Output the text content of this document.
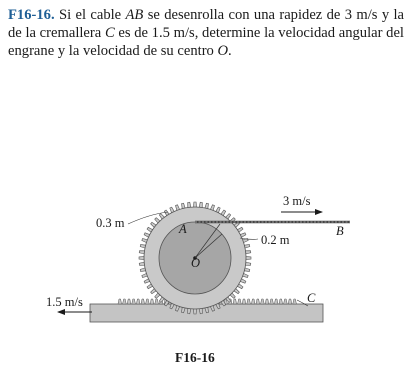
F16-16. Si el cable AB se desenrolla con una rapidez de 3 m/s y la de la cremallera C es de 1.5 m/s, determine la velocidad angular del engrane y la velocidad de su centro O.
0.3 m
0.2 m
3 m/s
1.5 m/s
A	B
C
O
F16-16
